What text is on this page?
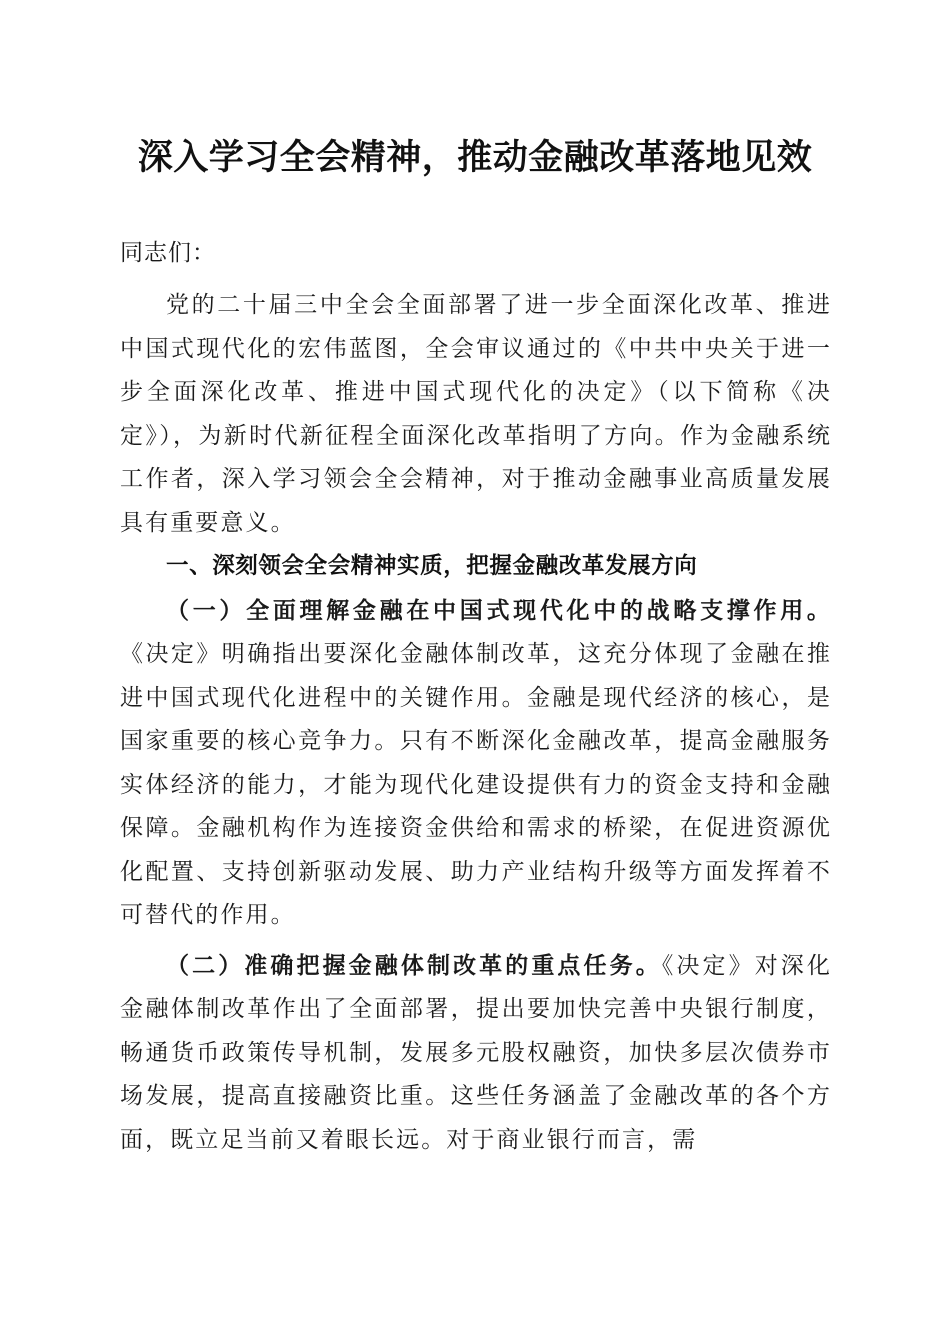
深入学习全会精神，推动金融改革落地见效

同志们：

党的二十届三中全会全面部署了进一步全面深化改革、推进中国式现代化的宏伟蓝图，全会审议通过的《中共中央关于进一步全面深化改革、推进中国式现代化的决定》（以下简称《决定》），为新时代新征程全面深化改革指明了方向。作为金融系统工作者，深入学习领会全会精神，对于推动金融事业高质量发展具有重要意义。

一、深刻领会全会精神实质，把握金融改革发展方向

（一）全面理解金融在中国式现代化中的战略支撑作用。《决定》明确指出要深化金融体制改革，这充分体现了金融在推进中国式现代化进程中的关键作用。金融是现代经济的核心，是国家重要的核心竞争力。只有不断深化金融改革，提高金融服务实体经济的能力，才能为现代化建设提供有力的资金支持和金融保障。金融机构作为连接资金供给和需求的桥梁，在促进资源优化配置、支持创新驱动发展、助力产业结构升级等方面发挥着不可替代的作用。

（二）准确把握金融体制改革的重点任务。《决定》对深化金融体制改革作出了全面部署，提出要加快完善中央银行制度，畅通货币政策传导机制，发展多元股权融资，加快多层次债券市场发展，提高直接融资比重。这些任务涵盖了金融改革的各个方面，既立足当前又着眼长远。对于商业银行而言，需
